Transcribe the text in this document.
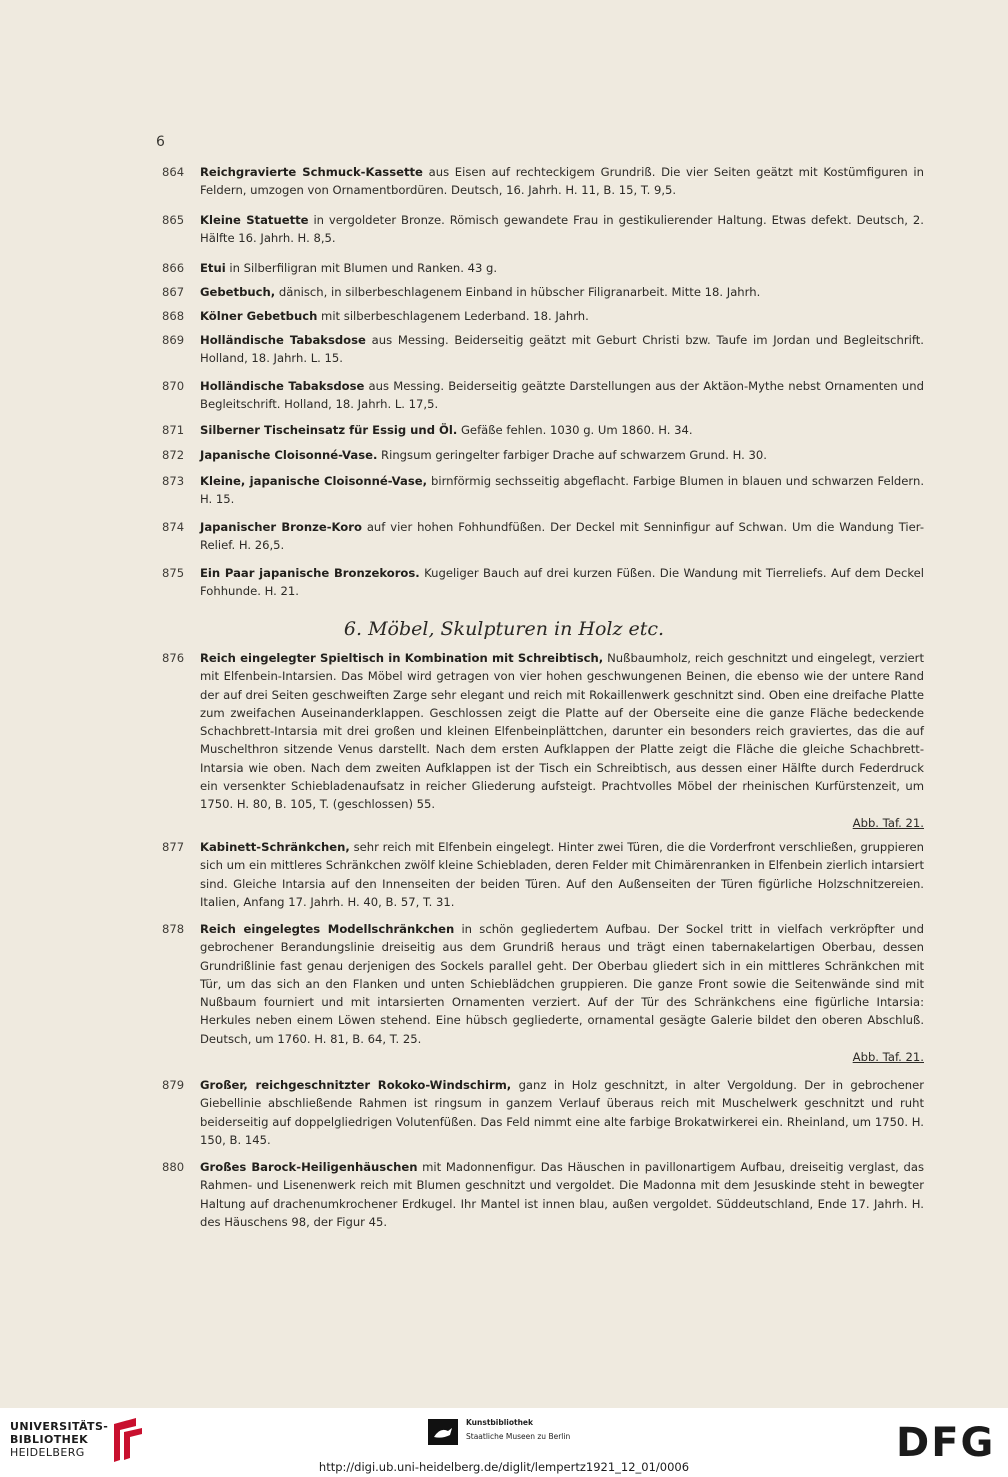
6
864	Reichgravierte Schmuck-Kassette aus Eisen auf rechteckigem Grundriß. Die vier Seiten geätzt mit Kostümfiguren in Feldern, umzogen von Ornamentbordüren. Deutsch, 16. Jahrh. H. 11, B. 15, T. 9,5.
865	Kleine Statuette in vergoldeter Bronze. Römisch gewandete Frau in gestikulierender Haltung. Etwas defekt. Deutsch, 2. Hälfte 16. Jahrh. H. 8,5.
866	Etui in Silberfiligran mit Blumen und Ranken. 43 g.
867	Gebetbuch, dänisch, in silberbeschlagenem Einband in hübscher Filigranarbeit. Mitte 18. Jahrh.
868	Kölner Gebetbuch mit silberbeschlagenem Lederband. 18. Jahrh.
869	Holländische Tabaksdose aus Messing. Beiderseitig geätzt mit Geburt Christi bzw. Taufe im Jordan und Begleitschrift. Holland, 18. Jahrh. L. 15.
870	Holländische Tabaksdose aus Messing. Beiderseitig geätzte Darstellungen aus der Aktäon-Mythe nebst Ornamenten und Begleitschrift. Holland, 18. Jahrh. L. 17,5.
871	Silberner Tischeinsatz für Essig und Öl. Gefäße fehlen. 1030 g. Um 1860. H. 34.
872	Japanische Cloisonné-Vase. Ringsum geringelter farbiger Drache auf schwarzem Grund. H. 30.
873	Kleine, japanische Cloisonné-Vase, birnförmig sechsseitig abgeflacht. Farbige Blumen in blauen und schwarzen Feldern. H. 15.
874	Japanischer Bronze-Koro auf vier hohen Fohhundfüßen. Der Deckel mit Senninfigur auf Schwan. Um die Wandung Tier-Relief. H. 26,5.
875	Ein Paar japanische Bronzekoros. Kugeliger Bauch auf drei kurzen Füßen. Die Wandung mit Tierreliefs. Auf dem Deckel Fohhunde. H. 21.
6. Möbel, Skulpturen in Holz etc.
876	Reich eingelegter Spieltisch in Kombination mit Schreibtisch, Nußbaumholz, reich geschnitzt und eingelegt, verziert mit Elfenbein-Intarsien. Das Möbel wird getragen von vier hohen geschwungenen Beinen, die ebenso wie der untere Rand der auf drei Seiten geschweiften Zarge sehr elegant und reich mit Rokaillenwerk geschnitzt sind. Oben eine dreifache Platte zum zweifachen Auseinanderklappen. Geschlossen zeigt die Platte auf der Oberseite eine die ganze Fläche bedeckende Schachbrett-Intarsia mit drei großen und kleinen Elfenbeinplättchen, darunter ein besonders reich graviertes, das die auf Muschelthron sitzende Venus darstellt. Nach dem ersten Aufklappen der Platte zeigt die Fläche die gleiche Schachbrett-Intarsia wie oben. Nach dem zweiten Aufklappen ist der Tisch ein Schreibtisch, aus dessen einer Hälfte durch Federdruck ein versenkter Schiebladenaufsatz in reicher Gliederung aufsteigt. Prachtvolles Möbel der rheinischen Kurfürstenzeit, um 1750. H. 80, B. 105, T. (geschlossen) 55.
Abb. Taf. 21.
877	Kabinett-Schränkchen, sehr reich mit Elfenbein eingelegt. Hinter zwei Türen, die die Vorderfront verschließen, gruppieren sich um ein mittleres Schränkchen zwölf kleine Schiebladen, deren Felder mit Chimärenranken in Elfenbein zierlich intarsiert sind. Gleiche Intarsia auf den Innenseiten der beiden Türen. Auf den Außenseiten der Türen figürliche Holzschnitzereien. Italien, Anfang 17. Jahrh. H. 40, B. 57, T. 31.
878	Reich eingelegtes Modellschränkchen in schön gegliedertem Aufbau. Der Sockel tritt in vielfach verkröpfter und gebrochener Berandungslinie dreiseitig aus dem Grundriß heraus und trägt einen tabernakelartigen Oberbau, dessen Grundrißlinie fast genau derjenigen des Sockels parallel geht. Der Oberbau gliedert sich in ein mittleres Schränkchen mit Tür, um das sich an den Flanken und unten Schieblädchen gruppieren. Die ganze Front sowie die Seitenwände sind mit Nußbaum fourniert und mit intarsierten Ornamenten verziert. Auf der Tür des Schränkchens eine figürliche Intarsia: Herkules neben einem Löwen stehend. Eine hübsch gegliederte, ornamental gesägte Galerie bildet den oberen Abschluß. Deutsch, um 1760. H. 81, B. 64, T. 25.
Abb. Taf. 21.
879	Großer, reichgeschnitzter Rokoko-Windschirm, ganz in Holz geschnitzt, in alter Vergoldung. Der in gebrochener Giebellinie abschließende Rahmen ist ringsum in ganzem Verlauf überaus reich mit Muschelwerk geschnitzt und ruht beiderseitig auf doppelgliedrigen Volutenfüßen. Das Feld nimmt eine alte farbige Brokatwirkerei ein. Rheinland, um 1750. H. 150, B. 145.
880	Großes Barock-Heiligenhäuschen mit Madonnenfigur. Das Häuschen in pavillonartigem Aufbau, dreiseitig verglast, das Rahmen- und Lisenenwerk reich mit Blumen geschnitzt und vergoldet. Die Madonna mit dem Jesuskinde steht in bewegter Haltung auf drachenumkrochener Erdkugel. Ihr Mantel ist innen blau, außen vergoldet. Süddeutschland, Ende 17. Jahrh. H. des Häuschens 98, der Figur 45.
UNIVERSITÄTS-
BIBLIOTHEK
HEIDELBERG
Kunstbibliothek
Staatliche Museen zu Berlin	DFG
http://digi.ub.uni-heidelberg.de/diglit/lempertz1921_12_01/0006
